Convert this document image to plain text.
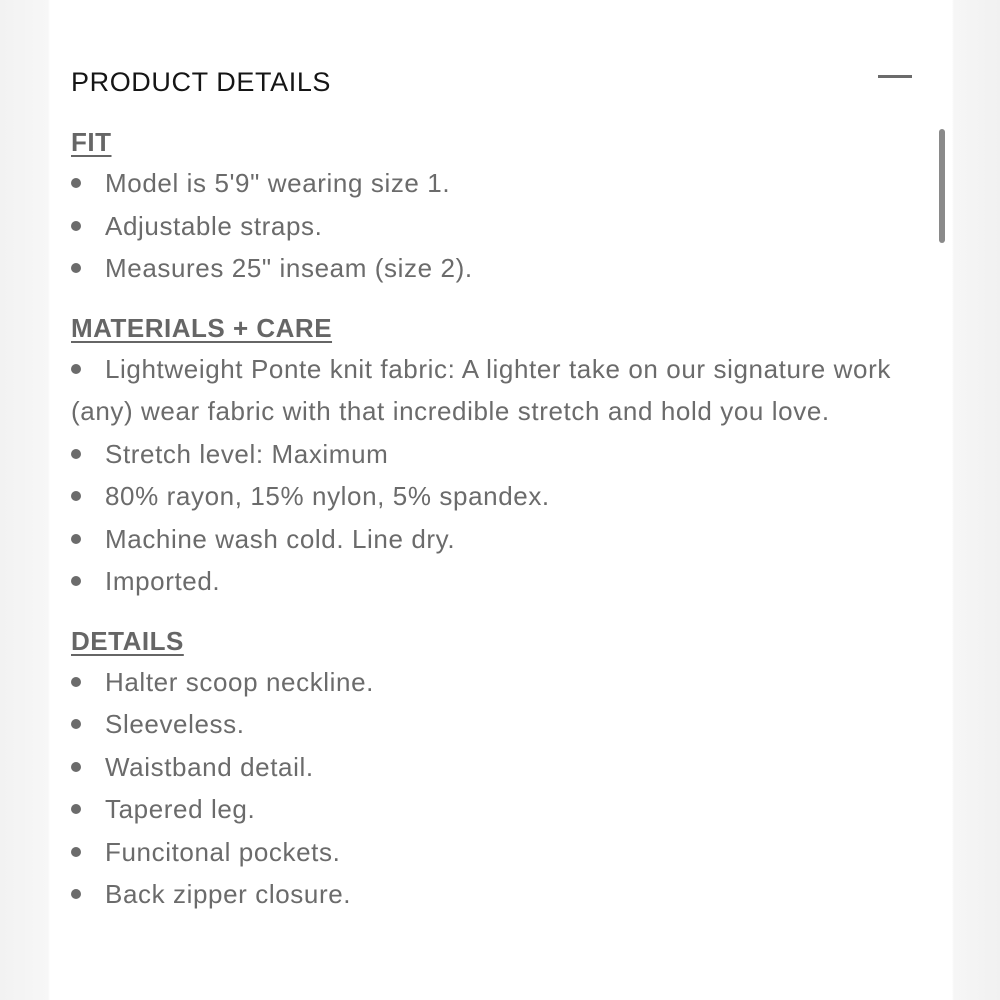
PRODUCT DETAILS
FIT
Model is 5'9" wearing size 1.
Adjustable straps.
Measures 25" inseam (size 2).
MATERIALS + CARE
Lightweight Ponte knit fabric: A lighter take on our signature work (any) wear fabric with that incredible stretch and hold you love.
Stretch level: Maximum
80% rayon, 15% nylon, 5% spandex.
Machine wash cold. Line dry.
Imported.
DETAILS
Halter scoop neckline.
Sleeveless.
Waistband detail.
Tapered leg.
Funcitonal pockets.
Back zipper closure.
